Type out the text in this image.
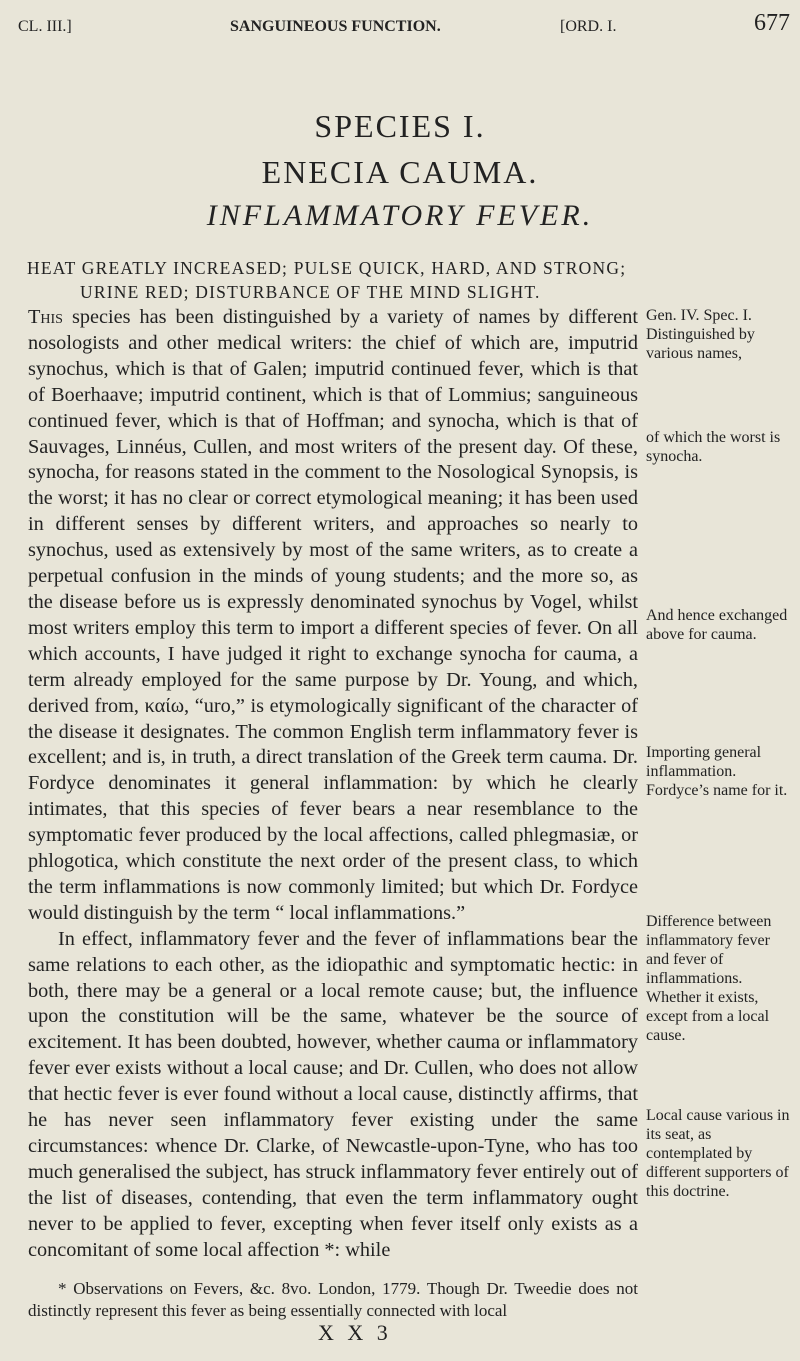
CL. III.]	SANGUINEOUS FUNCTION.	[ORD. I.	677
SPECIES I.
ENECIA CAUMA.
INFLAMMATORY FEVER.
HEAT GREATLY INCREASED; PULSE QUICK, HARD, AND STRONG;
URINE RED; DISTURBANCE OF THE MIND SLIGHT.

This species has been distinguished by a variety of names by different nosologists and other medical writers: the chief of which are, imputrid synochus, which is that of Galen; imputrid continued fever, which is that of Boerhaave; imputrid continent, which is that of Lommius; sanguineous continued fever, which is that of Hoffman; and synocha, which is that of Sauvages, Linnéus, Cullen, and most writers of the present day. Of these, synocha, for reasons stated in the comment to the Nosological Synopsis, is the worst; it has no clear or correct etymological meaning; it has been used in different senses by different writers, and approaches so nearly to synochus, used as extensively by most of the same writers, as to create a perpetual confusion in the minds of young students; and the more so, as the disease before us is expressly denominated synochus by Vogel, whilst most writers employ this term to import a different species of fever. On all which accounts, I have judged it right to exchange synocha for cauma, a term already employed for the same purpose by Dr. Young, and which, derived from, καίω, “uro,” is etymologically significant of the character of the disease it designates. The common English term inflammatory fever is excellent; and is, in truth, a direct translation of the Greek term cauma. Dr. Fordyce denominates it general inflammation: by which he clearly intimates, that this species of fever bears a near resemblance to the symptomatic fever produced by the local affections, called phlegmasiæ, or phlogotica, which constitute the next order of the present class, to which the term inflammations is now commonly limited; but which Dr. Fordyce would distinguish by the term “ local inflammations.”

In effect, inflammatory fever and the fever of inflammations bear the same relations to each other, as the idiopathic and symptomatic hectic: in both, there may be a general or a local remote cause; but, the influence upon the constitution will be the same, whatever be the source of excitement. It has been doubted, however, whether cauma or inflammatory fever ever exists without a local cause; and Dr. Cullen, who does not allow that hectic fever is ever found without a local cause, distinctly affirms, that he has never seen inflammatory fever existing under the same circumstances: whence Dr. Clarke, of Newcastle-upon-Tyne, who has too much generalised the subject, has struck inflammatory fever entirely out of the list of diseases, contending, that even the term inflammatory ought never to be applied to fever, excepting when fever itself only exists as a concomitant of some local affection *: while

Gen. IV. Spec. I. Distinguished by various names,
of which the worst is synocha.
And hence exchanged above for cauma.
Importing general inflammation. Fordyce’s name for it.
Difference between inflammatory fever and fever of inflammations. Whether it exists, except from a local cause.
Local cause various in its seat, as contemplated by different supporters of this doctrine.

* Observations on Fevers, &c. 8vo. London, 1779. Though Dr. Tweedie does not distinctly represent this fever as being essentially connected with local

X X 3
